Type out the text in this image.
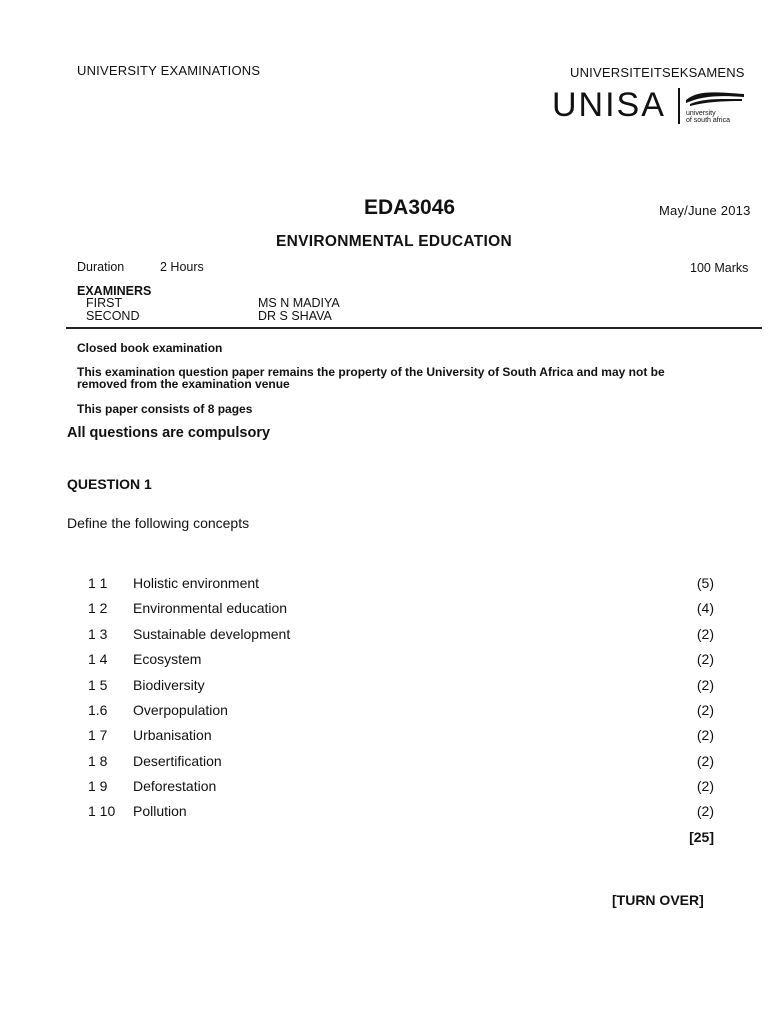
UNIVERSITY EXAMINATIONS	UNIVERSITEITSEKSAMENS
UNISA	university
of south africa
EDA3046	May/June 2013
ENVIRONMENTAL EDUCATION
Duration	2 Hours	100 Marks
EXAMINERS
FIRST	MS N MADIYA
SECOND	DR S SHAVA
Closed book examination
This examination question paper remains the property of the University of South Africa and may not be
removed from the examination venue
This paper consists of 8 pages
All questions are compulsory
QUESTION 1
Define the following concepts
1 1 Holistic environment	(5)
1 2 Environmental education	(4)
1 3 Sustainable development	(2)
1 4 Ecosystem	(2)
1 5 Biodiversity	(2)
1.6 Overpopulation	(2)
1 7 Urbanisation	(2)
1 8 Desertification	(2)
1 9 Deforestation	(2)
1 10 Pollution	(2)
[25]
[TURN OVER]
